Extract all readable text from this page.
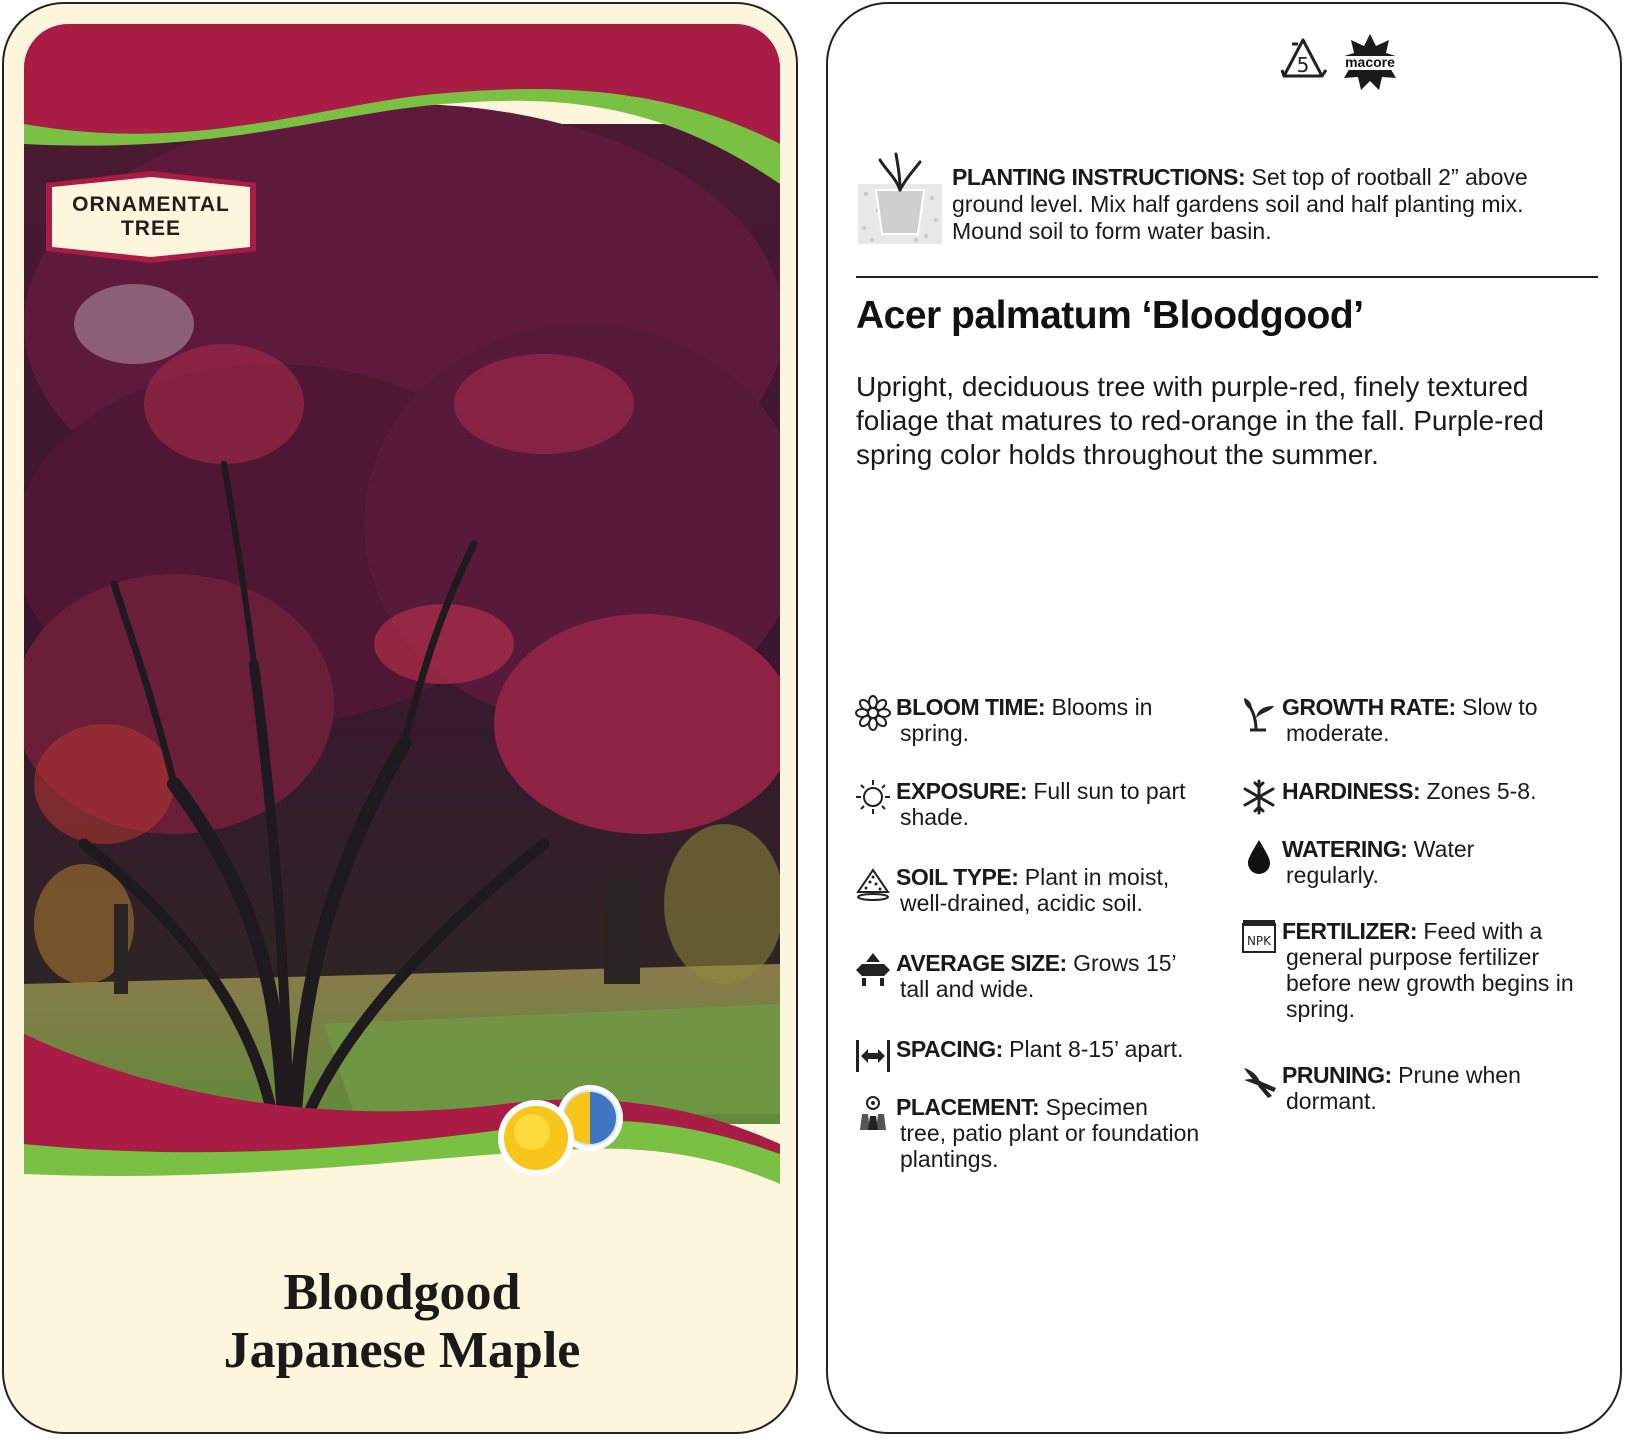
ORNAMENTAL
TREE
Bloodgood
Japanese Maple
5	macore
PLANTING INSTRUCTIONS: Set top of rootball 2” above ground level. Mix half gardens soil and half planting mix. Mound soil to form water basin.
Acer palmatum ‘Bloodgood’
Upright, deciduous tree with purple-red, finely textured foliage that matures to red-orange in the fall. Purple-red spring color holds throughout the summer.
BLOOM TIME: Blooms in
spring.
EXPOSURE: Full sun to part
shade.
SOIL TYPE: Plant in moist,
well-drained, acidic soil.
AVERAGE SIZE: Grows 15’
tall and wide.
SPACING: Plant 8-15’ apart.
PLACEMENT: Specimen
tree, patio plant or foundation plantings.
GROWTH RATE: Slow to
moderate.
HARDINESS: Zones 5-8.
WATERING: Water
regularly.
NPK FERTILIZER: Feed with a
general purpose fertilizer before new growth begins in spring.
PRUNING: Prune when
dormant.
